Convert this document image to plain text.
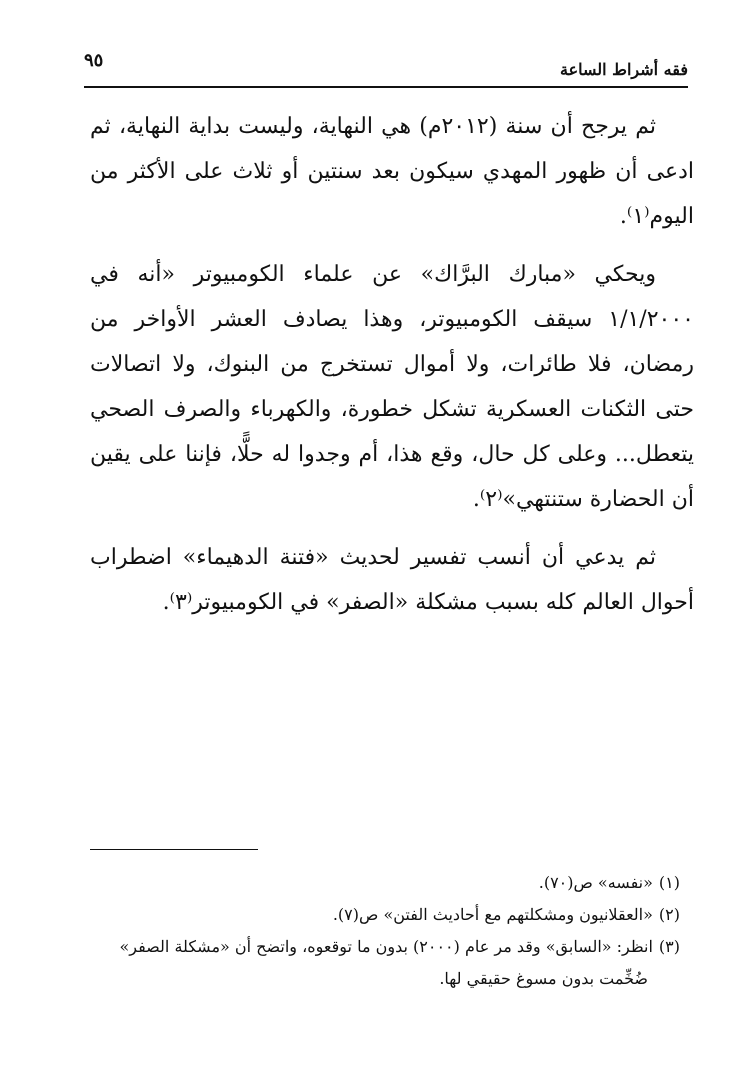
فقه أشراط الساعة
٩٥

ثم يرجح أن سنة (٢٠١٢م) هي النهاية، وليست بداية النهاية، ثم ادعى أن ظهور المهدي سيكون بعد سنتين أو ثلاث على الأكثر من اليوم⁽١⁾.

ويحكي «مبارك البرَّاك» عن علماء الكومبيوتر «أنه في ١/١/٢٠٠٠ سيقف الكومبيوتر، وهذا يصادف العشر الأواخر من رمضان، فلا طائرات، ولا أموال تستخرج من البنوك، ولا اتصالات حتى الثكنات العسكرية تشكل خطورة، والكهرباء والصرف الصحي يتعطل... وعلى كل حال، وقع هذا، أم وجدوا له حلًّا، فإننا على يقين أن الحضارة ستنتهي»⁽٢⁾.

ثم يدعي أن أنسب تفسير لحديث «فتنة الدهيماء» اضطراب أحوال العالم كله بسبب مشكلة «الصفر» في الكومبيوتر⁽٣⁾.

(١)«نفسه» ص(٧٠).
(٢)«العقلانيون ومشكلتهم مع أحاديث الفتن» ص(٧).
(٣)انظر: «السابق» وقد مر عام (٢٠٠٠) بدون ما توقعوه، واتضح أن «مشكلة الصفر»
ضُخِّمت بدون مسوغ حقيقي لها.
